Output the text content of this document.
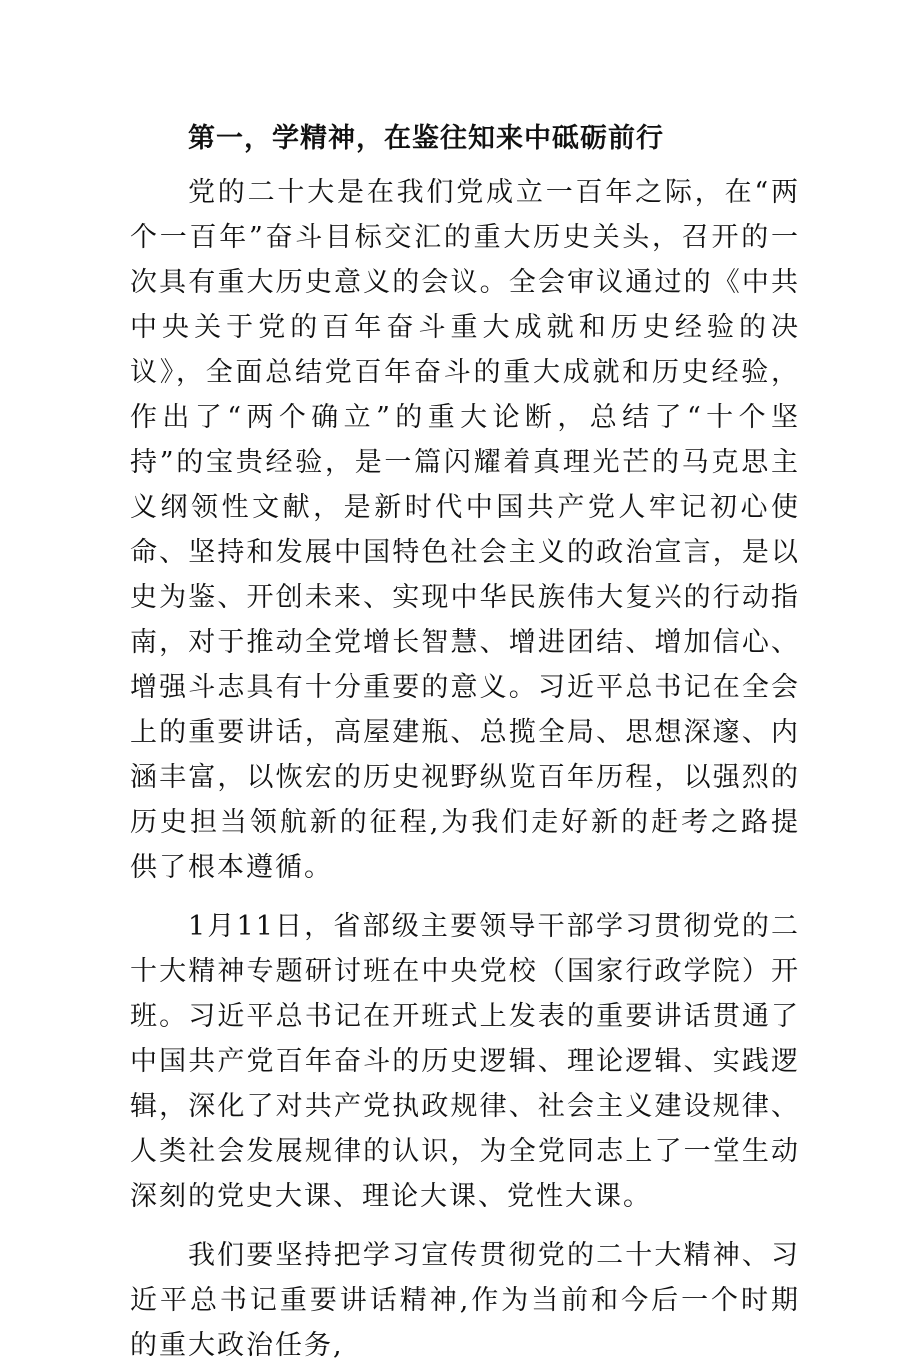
第一，学精神，在鉴往知来中砥砺前行

党的二十大是在我们党成立一百年之际，在“两个一百年”奋斗目标交汇的重大历史关头，召开的一次具有重大历史意义的会议。全会审议通过的《中共中央关于党的百年奋斗重大成就和历史经验的决议》，全面总结党百年奋斗的重大成就和历史经验，作出了“两个确立”的重大论断，总结了“十个坚持”的宝贵经验，是一篇闪耀着真理光芒的马克思主义纲领性文献，是新时代中国共产党人牢记初心使命、坚持和发展中国特色社会主义的政治宣言，是以史为鉴、开创未来、实现中华民族伟大复兴的行动指南，对于推动全党增长智慧、增进团结、增加信心、增强斗志具有十分重要的意义。习近平总书记在全会上的重要讲话，高屋建瓶、总揽全局、思想深邃、内涵丰富，以恢宏的历史视野纵览百年历程，以强烈的历史担当领航新的征程,为我们走好新的赶考之路提供了根本遵循。

1月11日，省部级主要领导干部学习贯彻党的二十大精神专题研讨班在中央党校（国家行政学院）开班。习近平总书记在开班式上发表的重要讲话贯通了中国共产党百年奋斗的历史逻辑、理论逻辑、实践逻辑，深化了对共产党执政规律、社会主义建设规律、人类社会发展规律的认识，为全党同志上了一堂生动深刻的党史大课、理论大课、党性大课。

我们要坚持把学习宣传贯彻党的二十大精神、习近平总书记重要讲话精神,作为当前和今后一个时期的重大政治任务,
